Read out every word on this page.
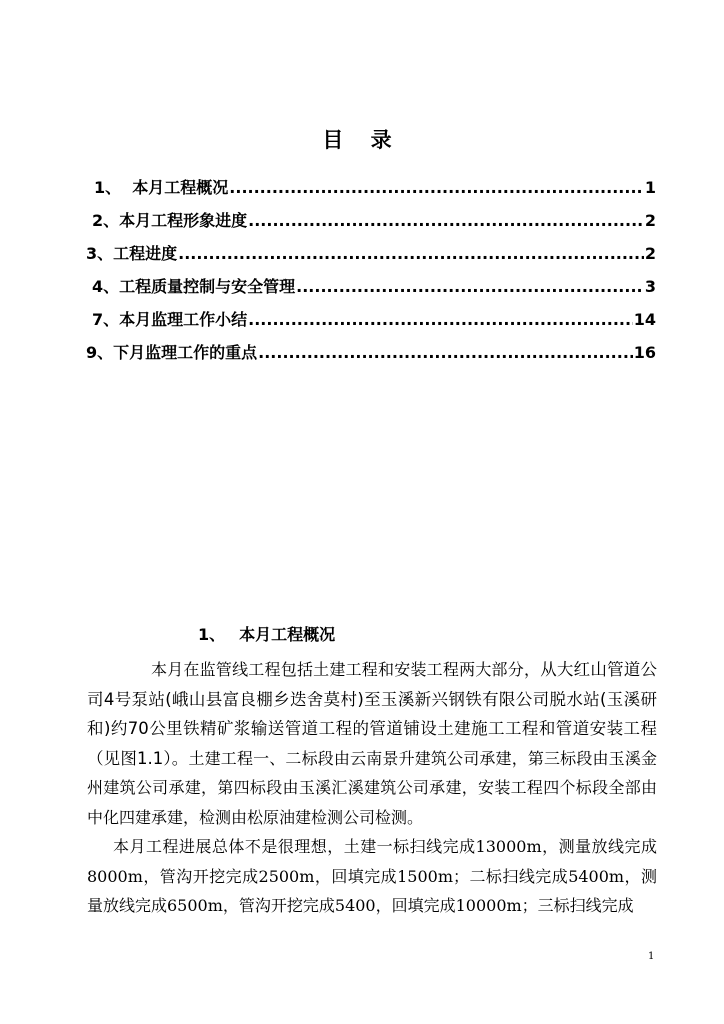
目 录
1、  本月工程概况 .....	1
2、本月工程形象进度 .....	2
3、工程进度 .....	2
4、工程质量控制与安全管理 .....	3
7、本月监理工作小结 .....	14
9、下月监理工作的重点 .....	16
1、 本月工程概况

本月在监管线工程包括土建工程和安装工程两大部分，从大红山管道公司4号泵站(峨山县富良棚乡迭舍莫村)至玉溪新兴钢铁有限公司脱水站(玉溪研和)约70公里铁精矿浆输送管道工程的管道铺设土建施工工程和管道安装工程（见图1.1）。土建工程一、二标段由云南景升建筑公司承建，第三标段由玉溪金州建筑公司承建，第四标段由玉溪汇溪建筑公司承建，安装工程四个标段全部由中化四建承建，检测由松原油建检测公司检测。

本月工程进展总体不是很理想，土建一标扫线完成13000m，测量放线完成8000m，管沟开挖完成2500m，回填完成1500m；二标扫线完成5400m，测量放线完成6500m，管沟开挖完成5400，回填完成10000m；三标扫线完成

1
